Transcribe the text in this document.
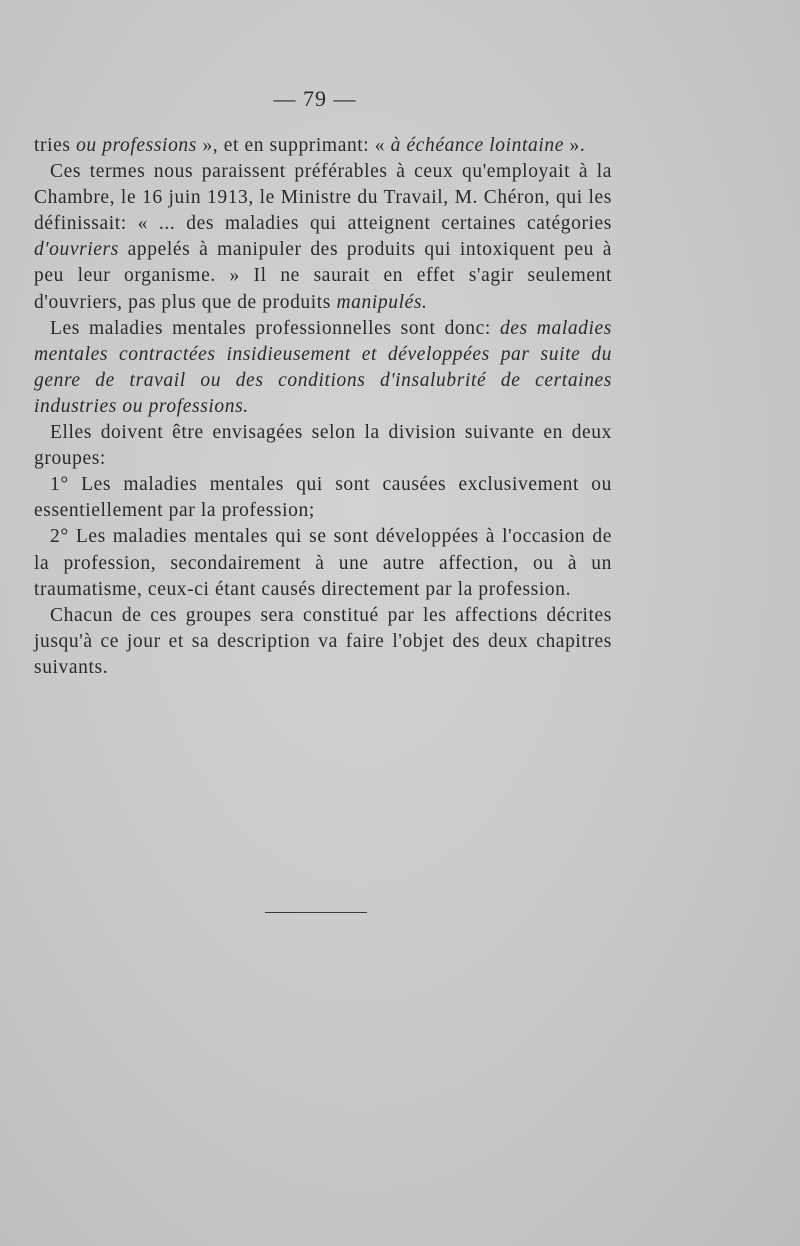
— 79 —

tries ou professions », et en supprimant: « à échéance lointaine ».

Ces termes nous paraissent préférables à ceux qu'employait à la Chambre, le 16 juin 1913, le Ministre du Travail, M. Chéron, qui les définissait: « ... des maladies qui atteignent certaines catégories d'ouvriers appelés à manipuler des produits qui intoxiquent peu à peu leur organisme. » Il ne saurait en effet s'agir seulement d'ouvriers, pas plus que de produits manipulés.

Les maladies mentales professionnelles sont donc: des maladies mentales contractées insidieusement et développées par suite du genre de travail ou des conditions d'insalubrité de certaines industries ou professions.

Elles doivent être envisagées selon la division suivante en deux groupes:

1° Les maladies mentales qui sont causées exclusivement ou essentiellement par la profession;

2° Les maladies mentales qui se sont développées à l'occasion de la profession, secondairement à une autre affection, ou à un traumatisme, ceux-ci étant causés directement par la profession.

Chacun de ces groupes sera constitué par les affections décrites jusqu'à ce jour et sa description va faire l'objet des deux chapitres suivants.
